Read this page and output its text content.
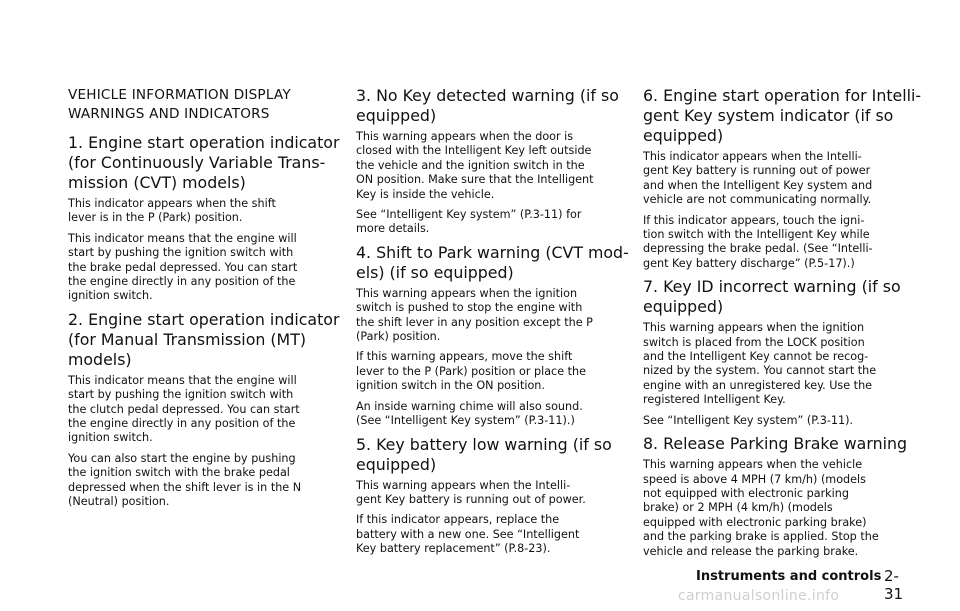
VEHICLE INFORMATION DISPLAY
WARNINGS AND INDICATORS
1. Engine start operation indicator
(for Continuously Variable Trans-
mission (CVT) models)
This indicator appears when the shift
lever is in the P (Park) position.
This indicator means that the engine will
start by pushing the ignition switch with
the brake pedal depressed. You can start
the engine directly in any position of the
ignition switch.
2. Engine start operation indicator
(for Manual Transmission (MT)
models)
This indicator means that the engine will
start by pushing the ignition switch with
the clutch pedal depressed. You can start
the engine directly in any position of the
ignition switch.
You can also start the engine by pushing
the ignition switch with the brake pedal
depressed when the shift lever is in the N
(Neutral) position.
3. No Key detected warning (if so
equipped)
This warning appears when the door is
closed with the Intelligent Key left outside
the vehicle and the ignition switch in the
ON position. Make sure that the Intelligent
Key is inside the vehicle.
See “Intelligent Key system” (P.3-11) for
more details.
4. Shift to Park warning (CVT mod-
els) (if so equipped)
This warning appears when the ignition
switch is pushed to stop the engine with
the shift lever in any position except the P
(Park) position.
If this warning appears, move the shift
lever to the P (Park) position or place the
ignition switch in the ON position.
An inside warning chime will also sound.
(See “Intelligent Key system” (P.3-11).)
5. Key battery low warning (if so
equipped)
This warning appears when the Intelli-
gent Key battery is running out of power.
If this indicator appears, replace the
battery with a new one. See “Intelligent
Key battery replacement” (P.8-23).
6. Engine start operation for Intelli-
gent Key system indicator (if so
equipped)
This indicator appears when the Intelli-
gent Key battery is running out of power
and when the Intelligent Key system and
vehicle are not communicating normally.
If this indicator appears, touch the igni-
tion switch with the Intelligent Key while
depressing the brake pedal. (See “Intelli-
gent Key battery discharge” (P.5-17).)
7. Key ID incorrect warning (if so
equipped)
This warning appears when the ignition
switch is placed from the LOCK position
and the Intelligent Key cannot be recog-
nized by the system. You cannot start the
engine with an unregistered key. Use the
registered Intelligent Key.
See “Intelligent Key system” (P.3-11).
8. Release Parking Brake warning
This warning appears when the vehicle
speed is above 4 MPH (7 km/h) (models
not equipped with electronic parking
brake) or 2 MPH (4 km/h) (models
equipped with electronic parking brake)
and the parking brake is applied. Stop the
vehicle and release the parking brake.
Instruments and controls 2-31
carmanualsonline.info
